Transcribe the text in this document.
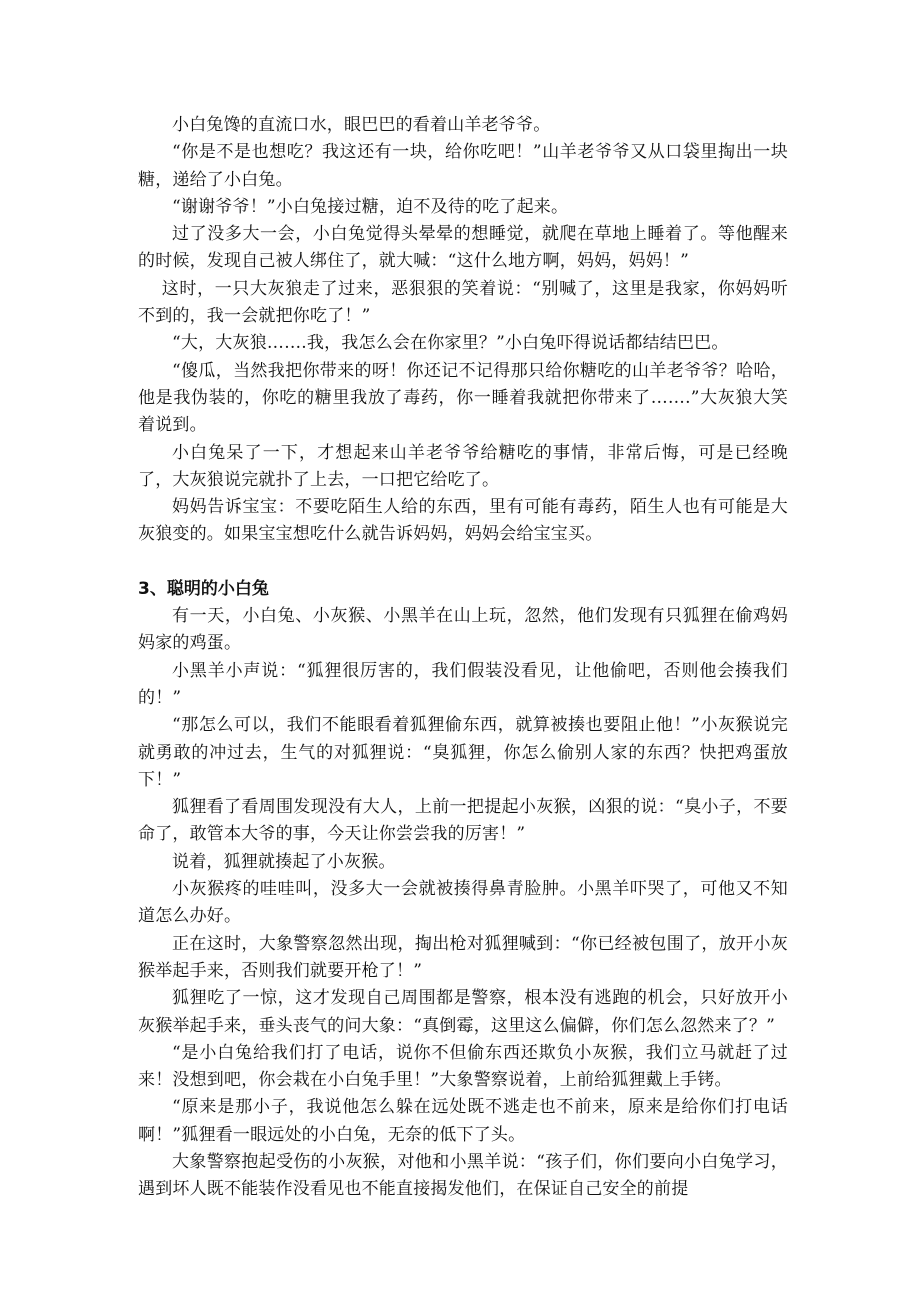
小白兔馋的直流口水，眼巴巴的看着山羊老爷爷。

“你是不是也想吃？我这还有一块，给你吃吧！”山羊老爷爷又从口袋里掏出一块糖，递给了小白兔。

“谢谢爷爷！”小白兔接过糖，迫不及待的吃了起来。

过了没多大一会，小白兔觉得头晕晕的想睡觉，就爬在草地上睡着了。等他醒来的时候，发现自己被人绑住了，就大喊：“这什么地方啊，妈妈，妈妈！”

这时，一只大灰狼走了过来，恶狠狠的笑着说：“别喊了，这里是我家，你妈妈听不到的，我一会就把你吃了！”

“大，大灰狼…….我，我怎么会在你家里？”小白兔吓得说话都结结巴巴。

“傻瓜，当然我把你带来的呀！你还记不记得那只给你糖吃的山羊老爷爷？哈哈，他是我伪装的，你吃的糖里我放了毒药，你一睡着我就把你带来了…….”大灰狼大笑着说到。

小白兔呆了一下，才想起来山羊老爷爷给糖吃的事情，非常后悔，可是已经晚了，大灰狼说完就扑了上去，一口把它给吃了。

妈妈告诉宝宝：不要吃陌生人给的东西，里有可能有毒药，陌生人也有可能是大灰狼变的。如果宝宝想吃什么就告诉妈妈，妈妈会给宝宝买。

3、聪明的小白兔

有一天，小白兔、小灰猴、小黑羊在山上玩，忽然，他们发现有只狐狸在偷鸡妈妈家的鸡蛋。

小黑羊小声说：“狐狸很厉害的，我们假装没看见，让他偷吧，否则他会揍我们的！”

“那怎么可以，我们不能眼看着狐狸偷东西，就算被揍也要阻止他！”小灰猴说完就勇敢的冲过去，生气的对狐狸说：“臭狐狸，你怎么偷别人家的东西？快把鸡蛋放下！”

狐狸看了看周围发现没有大人，上前一把提起小灰猴，凶狠的说：“臭小子，不要命了，敢管本大爷的事，今天让你尝尝我的厉害！”

说着，狐狸就揍起了小灰猴。

小灰猴疼的哇哇叫，没多大一会就被揍得鼻青脸肿。小黑羊吓哭了，可他又不知道怎么办好。

正在这时，大象警察忽然出现，掏出枪对狐狸喊到：“你已经被包围了，放开小灰猴举起手来，否则我们就要开枪了！”

狐狸吃了一惊，这才发现自己周围都是警察，根本没有逃跑的机会，只好放开小灰猴举起手来，垂头丧气的问大象：“真倒霉，这里这么偏僻，你们怎么忽然来了？”

“是小白兔给我们打了电话，说你不但偷东西还欺负小灰猴，我们立马就赶了过来！没想到吧，你会栽在小白兔手里！”大象警察说着，上前给狐狸戴上手铐。

“原来是那小子，我说他怎么躲在远处既不逃走也不前来，原来是给你们打电话啊！”狐狸看一眼远处的小白兔，无奈的低下了头。

大象警察抱起受伤的小灰猴，对他和小黑羊说：“孩子们，你们要向小白兔学习，遇到坏人既不能装作没看见也不能直接揭发他们，在保证自己安全的前提
